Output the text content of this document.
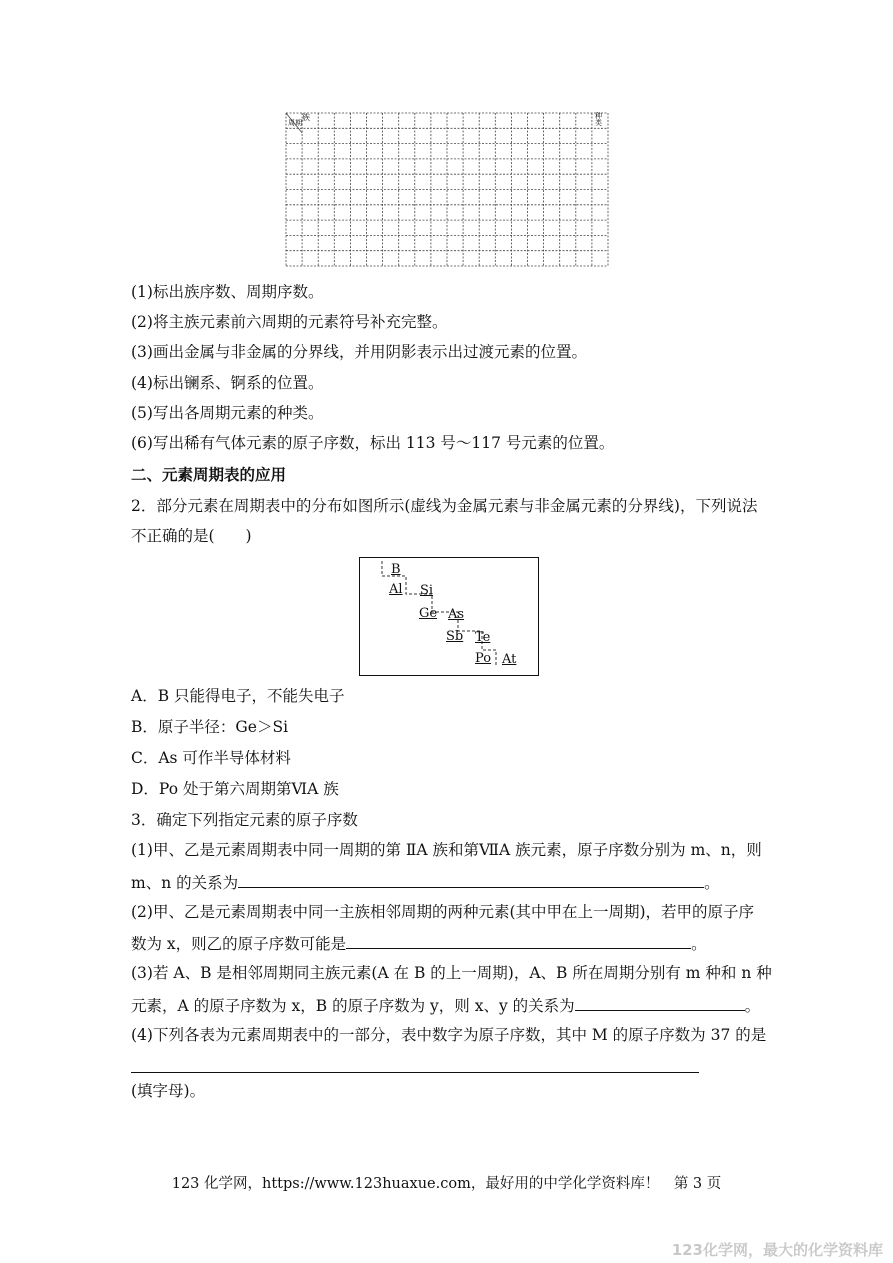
族
周期
种类
(1)标出族序数、周期序数。
(2)将主族元素前六周期的元素符号补充完整。
(3)画出金属与非金属的分界线，并用阴影表示出过渡元素的位置。
(4)标出镧系、锕系的位置。
(5)写出各周期元素的种类。
(6)写出稀有气体元素的原子序数，标出 113 号～117 号元素的位置。
二、元素周期表的应用
2．部分元素在周期表中的分布如图所示(虚线为金属元素与非金属元素的分界线)，下列说法
不正确的是(　　)
B
Al Si
Ge As
Sb Te
Po At
A．B 只能得电子，不能失电子
B．原子半径：Ge＞Si
C．As 可作半导体材料
D．Po 处于第六周期第ⅥA 族
3．确定下列指定元素的原子序数
(1)甲、乙是元素周期表中同一周期的第 ⅡA 族和第ⅦA 族元素，原子序数分别为 m、n，则
m、n 的关系为	。
(2)甲、乙是元素周期表中同一主族相邻周期的两种元素(其中甲在上一周期)，若甲的原子序
数为 x，则乙的原子序数可能是	。
(3)若 A、B 是相邻周期同主族元素(A 在 B 的上一周期)，A、B 所在周期分别有 m 种和 n 种
元素，A 的原子序数为 x，B 的原子序数为 y，则 x、y 的关系为	。
(4)下列各表为元素周期表中的一部分，表中数字为原子序数，其中 M 的原子序数为 37 的是
(填字母)。
123 化学网，https://www.123huaxue.com，最好用的中学化学资料库！　第 3 页
123化学网，最大的化学资料库
